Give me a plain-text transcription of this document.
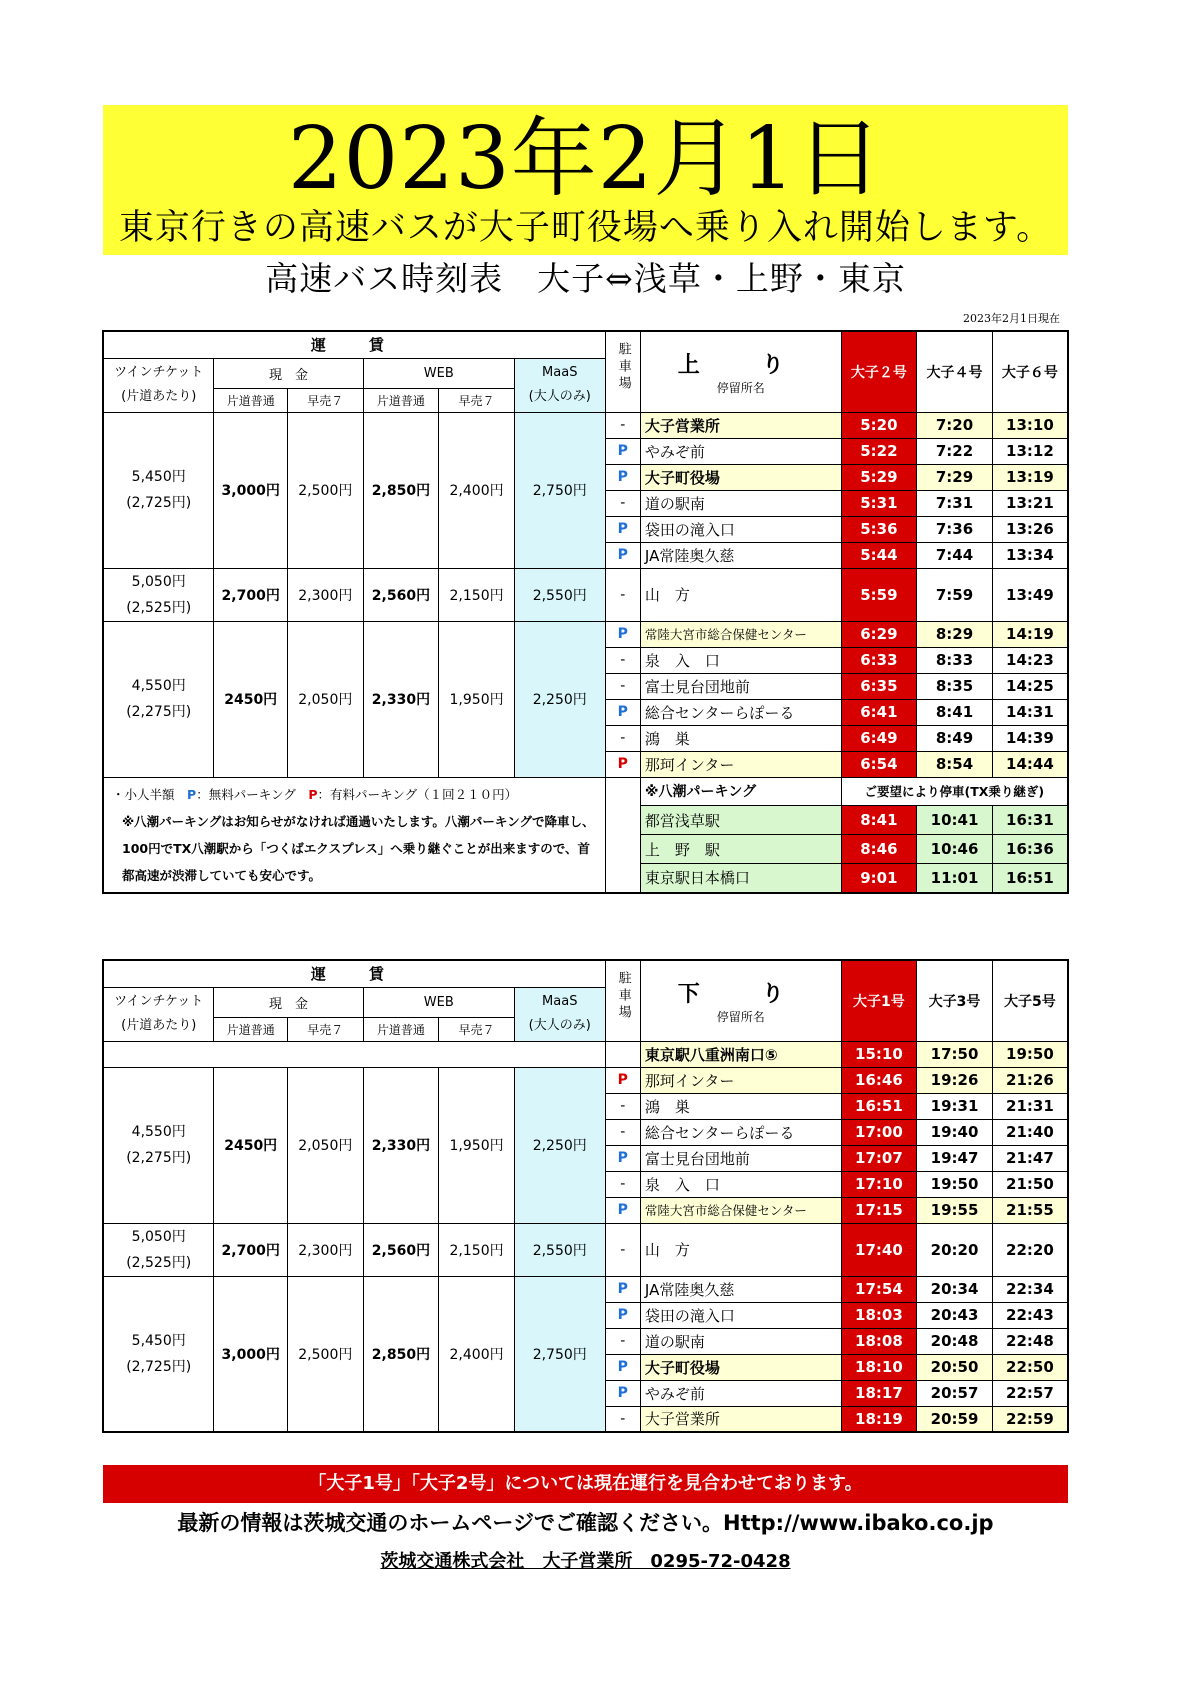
2023年2月1日
東京行きの高速バスが大子町役場へ乗り入れ開始します。
高速バス時刻表　大子⇔浅草・上野・東京
2023年2月1日現在
運　賃						駐車場	上　り
停留所名	大子２号	大子４号	大子６号
ツインチケット
(片道あたり)	現　金		WEB		MaaS
(大人のみ)					
	片道普通	早売７	片道普通	早売７						
5,450円
(2,725円)	3,000円	2,500円	2,850円	2,400円	2,750円	-	大子営業所	5:20	7:20	13:10
						P	やみぞ前	5:22	7:22	13:12
						P	大子町役場	5:29	7:29	13:19
						-	道の駅南	5:31	7:31	13:21
						P	袋田の滝入口	5:36	7:36	13:26
						P	JA常陸奥久慈	5:44	7:44	13:34
5,050円
(2,525円)	2,700円	2,300円	2,560円	2,150円	2,550円	-	山　方	5:59	7:59	13:49
4,550円
(2,275円)	2450円	2,050円	2,330円	1,950円	2,250円	P	常陸大宮市総合保健センター	6:29	8:29	14:19
						-	泉　入　口	6:33	8:33	14:23
						-	富士見台団地前	6:35	8:35	14:25
						P	総合センターらぽーる	6:41	8:41	14:31
						-	鴻　巣	6:49	8:49	14:39
						P	那珂インター	6:54	8:54	14:44

・小人半額　P：無料パーキング　P：有料パーキング（１回２１０円）
※八潮パーキングはお知らせがなければ通過いたします。八潮パーキングで降車し、100円でTX八潮駅から「つくばエクスプレス」へ乗り継ぐことが出来ますので、首都高速が渋滞していても安心です。							※八潮パーキング	ご要望により停車(TX乗り継ぎ)		
							都営浅草駅	8:41	10:41	16:31
							上　野　駅	8:46	10:46	16:36
							東京駅日本橋口	9:01	11:01	16:51
運　賃						駐車場	下　り
停留所名	大子1号	大子3号	大子5号
ツインチケット
(片道あたり)	現　金		WEB		MaaS
(大人のみ)					
	片道普通	早売７	片道普通	早売７						
							東京駅八重洲南口⑤	15:10	17:50	19:50
4,550円
(2,275円)	2450円	2,050円	2,330円	1,950円	2,250円	P	那珂インター	16:46	19:26	21:26
						-	鴻　巣	16:51	19:31	21:31
						-	総合センターらぽーる	17:00	19:40	21:40
						P	富士見台団地前	17:07	19:47	21:47
						-	泉　入　口	17:10	19:50	21:50
						P	常陸大宮市総合保健センター	17:15	19:55	21:55
5,050円
(2,525円)	2,700円	2,300円	2,560円	2,150円	2,550円	-	山　方	17:40	20:20	22:20
5,450円
(2,725円)	3,000円	2,500円	2,850円	2,400円	2,750円	P	JA常陸奥久慈	17:54	20:34	22:34
						P	袋田の滝入口	18:03	20:43	22:43
						-	道の駅南	18:08	20:48	22:48
						P	大子町役場	18:10	20:50	22:50
						P	やみぞ前	18:17	20:57	22:57
						-	大子営業所	18:19	20:59	22:59
「大子1号」「大子2号」については現在運行を見合わせております。
最新の情報は茨城交通のホームページでご確認ください。Http://www.ibako.co.jp
茨城交通株式会社　大子営業所　0295-72-0428
